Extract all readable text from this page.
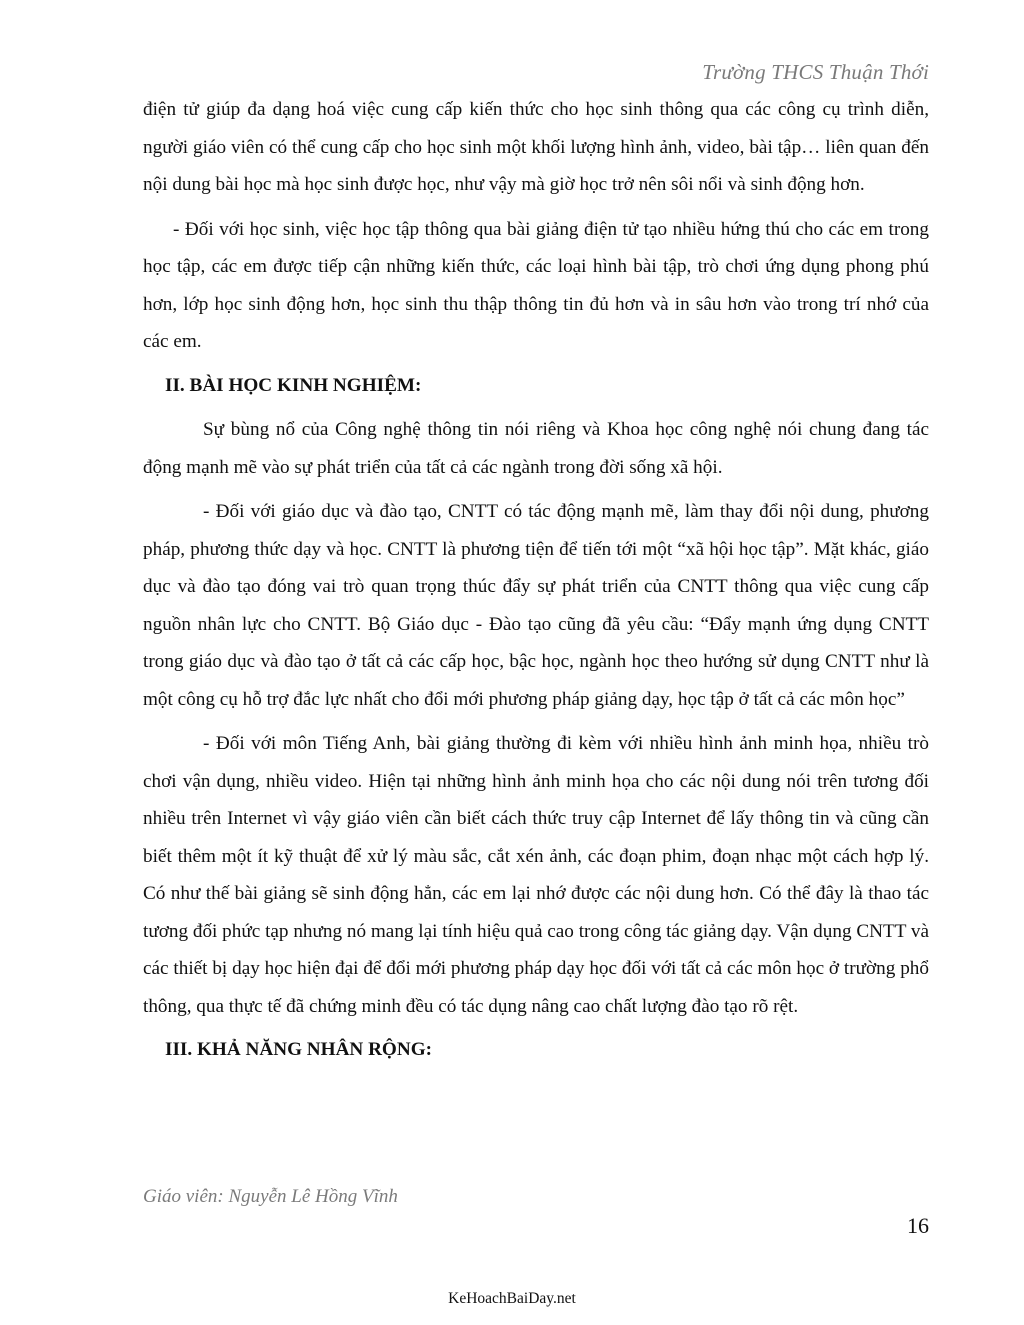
Trường THCS Thuận Thới

điện tử giúp đa dạng hoá việc cung cấp kiến thức cho học sinh thông qua các công cụ trình diễn, người giáo viên có thể cung cấp cho học sinh một khối lượng hình ảnh, video, bài tập… liên quan đến nội dung bài học mà học sinh được học, như vậy mà giờ học trở nên sôi nổi và sinh động hơn.

- Đối với học sinh, việc học tập thông qua bài giảng điện tử tạo nhiều hứng thú cho các em trong học tập, các em được tiếp cận những kiến thức, các loại hình bài tập, trò chơi ứng dụng phong phú hơn, lớp học sinh động hơn, học sinh thu thập thông tin đủ hơn và in sâu hơn vào trong trí nhớ của các em.

II. BÀI HỌC KINH NGHIỆM:

Sự bùng nổ của Công nghệ thông tin nói riêng và Khoa học công nghệ nói chung đang tác động mạnh mẽ vào sự phát triển của tất cả các ngành trong đời sống xã hội.

- Đối với giáo dục và đào tạo, CNTT có tác động mạnh mẽ, làm thay đổi nội dung, phương pháp, phương thức dạy và học. CNTT là phương tiện để tiến tới một “xã hội học tập”. Mặt khác, giáo dục và đào tạo đóng vai trò quan trọng thúc đẩy sự phát triển của CNTT thông qua việc cung cấp nguồn nhân lực cho CNTT. Bộ Giáo dục - Đào tạo cũng đã yêu cầu: “Đẩy mạnh ứng dụng CNTT trong giáo dục và đào tạo ở tất cả các cấp học, bậc học, ngành học theo hướng sử dụng CNTT như là một công cụ hỗ trợ đắc lực nhất cho đổi mới phương pháp giảng dạy, học tập ở tất cả các môn học”

- Đối với môn Tiếng Anh, bài giảng thường đi kèm với nhiều hình ảnh minh họa, nhiều trò chơi vận dụng, nhiều video. Hiện tại những hình ảnh minh họa cho các nội dung nói trên tương đối nhiều trên Internet vì vậy giáo viên cần biết cách thức truy cập Internet để lấy thông tin và cũng cần biết thêm một ít kỹ thuật để xử lý màu sắc, cắt xén ảnh, các đoạn phim, đoạn nhạc một cách hợp lý. Có như thế bài giảng sẽ sinh động hẳn, các em lại nhớ được các nội dung hơn. Có thể đây là thao tác tương đối phức tạp nhưng nó mang lại tính hiệu quả cao trong công tác giảng dạy. Vận dụng CNTT và các thiết bị dạy học hiện đại để đổi mới phương pháp dạy học đối với tất cả các môn học ở trường phổ thông, qua thực tế đã chứng minh đều có tác dụng nâng cao chất lượng đào tạo rõ rệt.

III. KHẢ NĂNG NHÂN RỘNG:

Giáo viên: Nguyễn Lê Hồng Vĩnh
16
KeHoachBaiDay.net
